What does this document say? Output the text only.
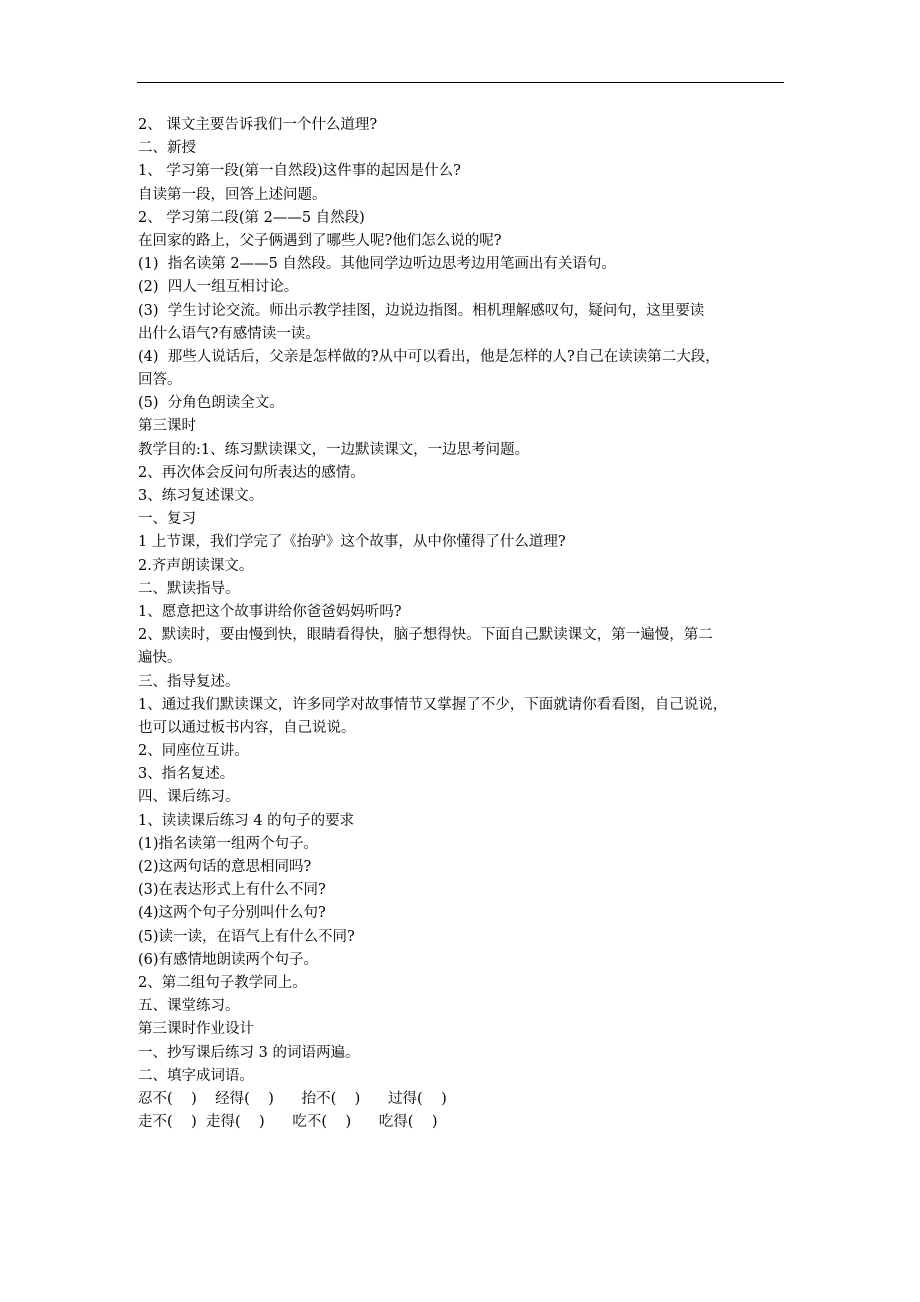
2、 课文主要告诉我们一个什么道理?
二、新授
1、 学习第一段(第一自然段)这件事的起因是什么?
自读第一段，回答上述问题。
2、 学习第二段(第 2——5 自然段)
在回家的路上，父子俩遇到了哪些人呢?他们怎么说的呢?
(1)  指名读第 2——5 自然段。其他同学边听边思考边用笔画出有关语句。
(2)  四人一组互相讨论。
(3)  学生讨论交流。师出示教学挂图，边说边指图。相机理解感叹句，疑问句，这里要读
出什么语气?有感情读一读。
(4)  那些人说话后，父亲是怎样做的?从中可以看出，他是怎样的人?自己在读读第二大段，
回答。
(5)  分角色朗读全文。
第三课时
教学目的:1、练习默读课文，一边默读课文，一边思考问题。
2、再次体会反问句所表达的感情。
3、练习复述课文。
一、复习
1 上节课，我们学完了《抬驴》这个故事，从中你懂得了什么道理?
2.齐声朗读课文。
二、默读指导。
1、愿意把这个故事讲给你爸爸妈妈听吗?
2、默读时，要由慢到快，眼睛看得快，脑子想得快。下面自己默读课文，第一遍慢，第二
遍快。
三、指导复述。
1、通过我们默读课文，许多同学对故事情节又掌握了不少，下面就请你看看图，自己说说，
也可以通过板书内容，自己说说。
2、同座位互讲。
3、指名复述。
四、课后练习。
1、读读课后练习 4 的句子的要求
(1)指名读第一组两个句子。
(2)这两句话的意思相同吗?
(3)在表达形式上有什么不同?
(4)这两个句子分别叫什么句?
(5)读一读，在语气上有什么不同?
(6)有感情地朗读两个句子。
2、第二组句子教学同上。
五、课堂练习。
第三课时作业设计
一、抄写课后练习 3 的词语两遍。
二、填字成词语。
忍不(    )    经得(    )      抬不(    )      过得(    )
走不(    )  走得(    )      吃不(    )      吃得(    )
